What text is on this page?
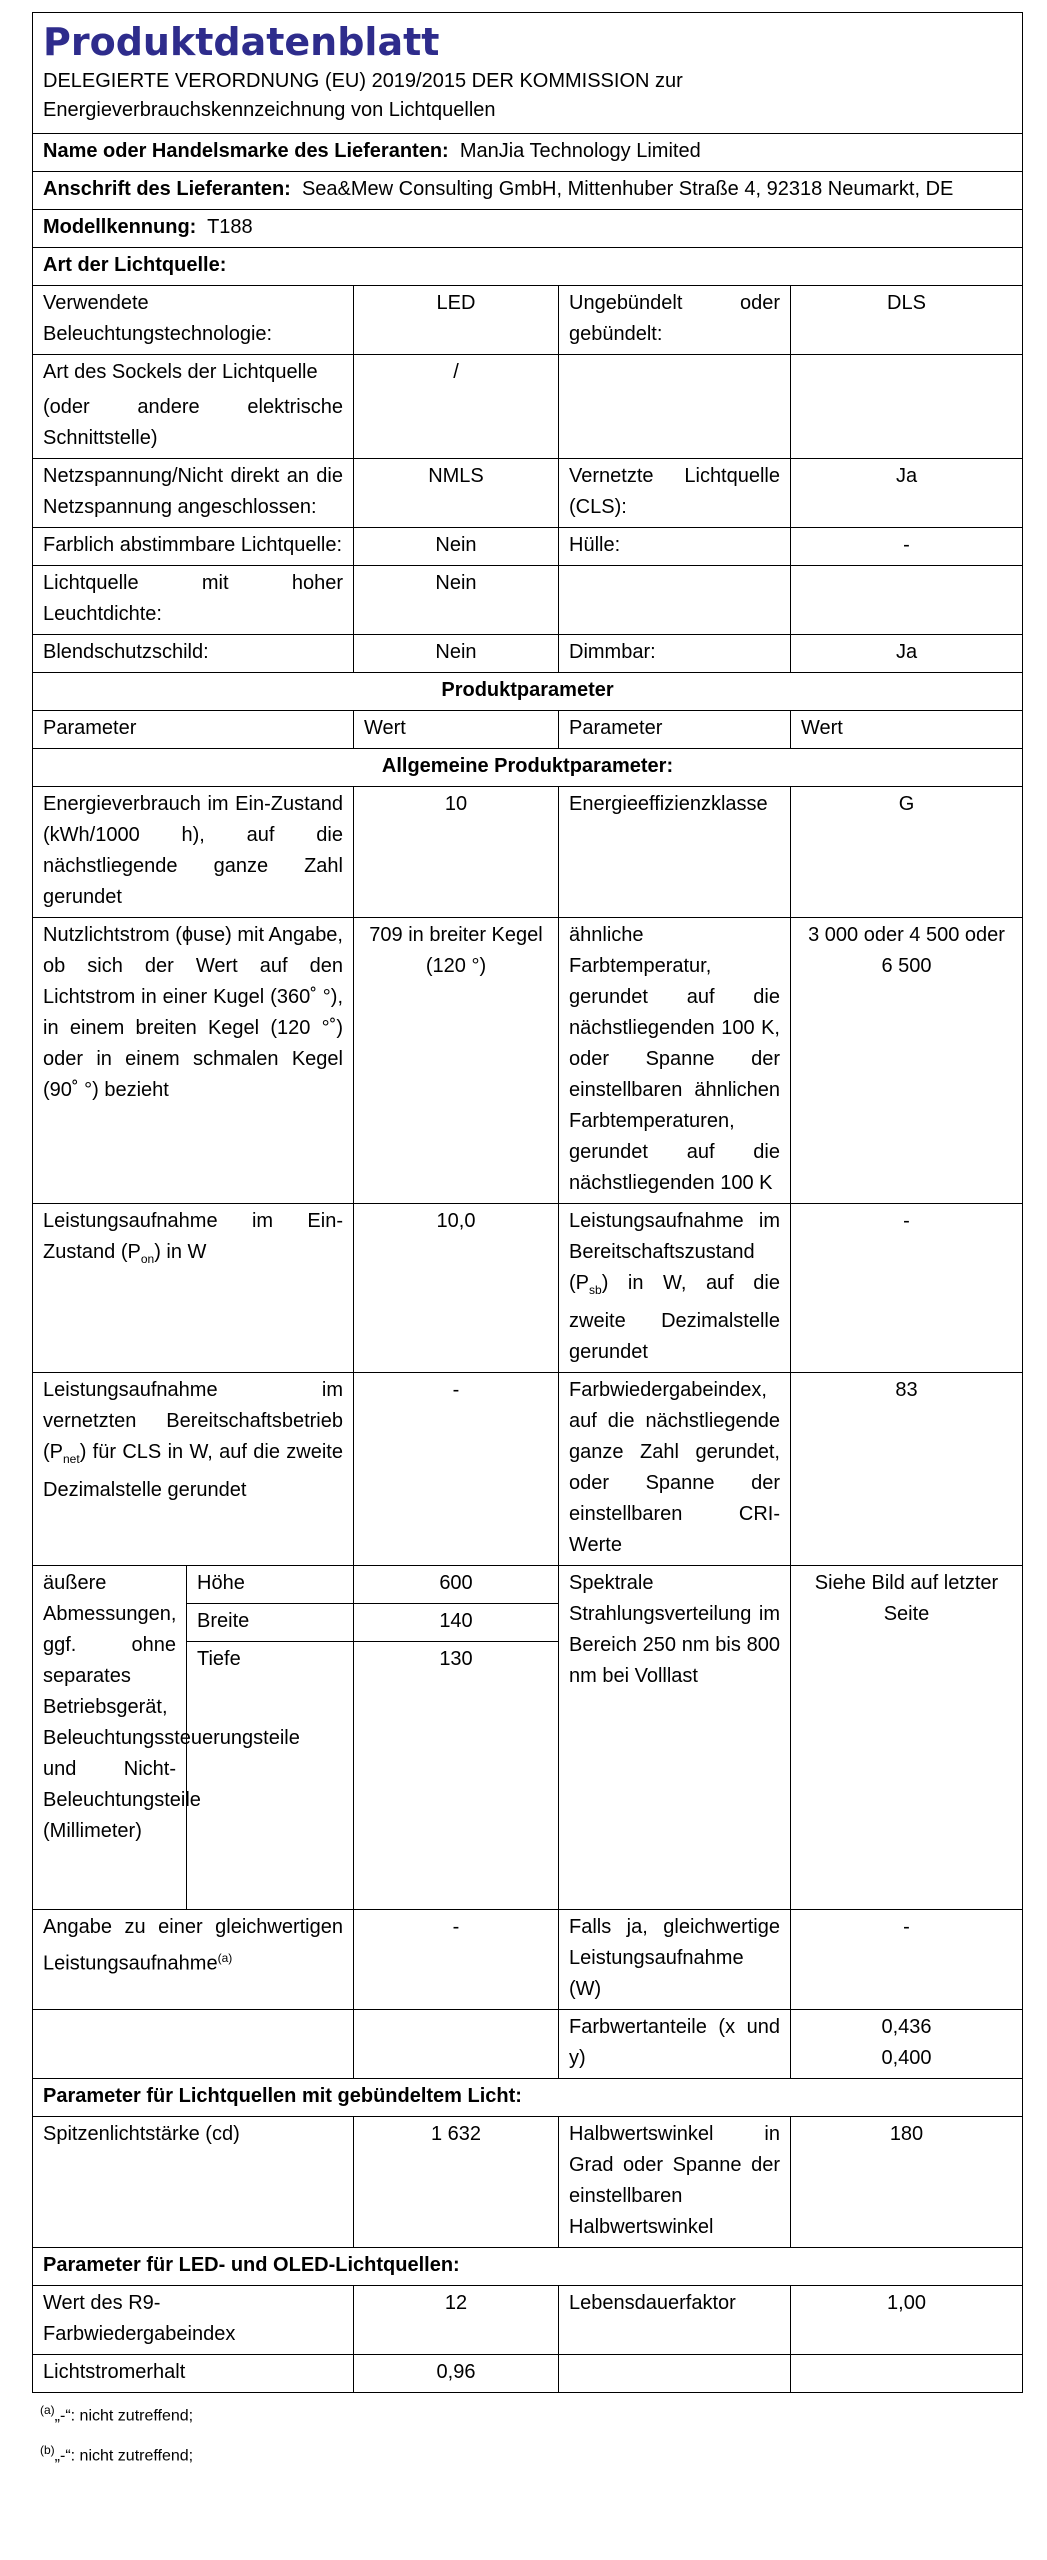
Produktdatenblatt
DELEGIERTE VERORDNUNG (EU) 2019/2015 DER KOMMISSION zur
Energieverbrauchskennzeichnung von Lichtquellen				

Name oder Handelsmarke des Lieferanten: ManJia Technology Limited				
Anschrift des Lieferanten: Sea&Mew Consulting GmbH, Mittenhuber Straße 4, 92318 Neumarkt, DE				
Modellkennung: T188				
Art der Lichtquelle:				
Verwendete Beleuchtungstechnologie:		LED	Ungebündelt oder gebündelt:	DLS

Art des Sockels der Lichtquelle
(oder andere elektrische Schnittstelle)		/		
Netzspannung/Nicht direkt an die Netzspannung angeschlossen:		NMLS	Vernetzte Lichtquelle (CLS):	Ja
Farblich abstimmbare Lichtquelle:		Nein	Hülle:	-
Lichtquelle mit hoher Leuchtdichte:		Nein		
Blendschutzschild:		Nein	Dimmbar:	Ja
Produktparameter				
Parameter		Wert	Parameter	Wert
Allgemeine Produktparameter:				
Energieverbrauch im Ein-Zustand (kWh/1000 h), auf die nächstliegende ganze Zahl gerundet		10	Energieeffizienzklasse	G
Nutzlichtstrom (ɸuse) mit Angabe, ob sich der Wert auf den Lichtstrom in einer Kugel (360˚ °), in einem breiten Kegel (120 °˚) oder in einem schmalen Kegel (90˚ °) bezieht		709 in breiter Kegel (120 °)	ähnliche Farbtemperatur, gerundet auf die nächstliegenden 100 K, oder Spanne der einstellbaren ähnlichen Farbtemperaturen, gerundet auf die nächstliegenden 100 K	3 000 oder 4 500 oder 6 500
Leistungsaufnahme im Ein-Zustand $(P_{on})$ in W		10,0	Leistungsaufnahme im Bereitschaftszustand $(P_{sb})$ in W, auf die zweite Dezimalstelle gerundet	-
Leistungsaufnahme im vernetzten Bereitschaftsbetrieb $(P_{net})$ für CLS in W, auf die zweite Dezimalstelle gerundet		-	Farbwiedergabeindex, auf die nächstliegende ganze Zahl gerundet, oder Spanne der einstellbaren CRI-Werte	83
äußere Abmessungen, ggf. ohne separates Betriebsgerät, Beleuchtungssteuerungsteile und Nicht-Beleuchtungsteile (Millimeter)	Höhe	600	Spektrale Strahlungsverteilung im Bereich 250 nm bis 800 nm bei Volllast	Siehe Bild auf letzter Seite
	Breite	140		
	Tiefe	130		

Angabe zu einer gleichwertigen Leistungsaufnahme$^{(a)}$		-	Falls ja, gleichwertige Leistungsaufnahme (W)	-
			Farbwertanteile (x und y)	0,436
0,400

Parameter für Lichtquellen mit gebündeltem Licht:				
Spitzenlichtstärke (cd)		1 632	Halbwertswinkel in Grad oder Spanne der einstellbaren Halbwertswinkel	180
Parameter für LED- und OLED-Lichtquellen:				
Wert des R9-Farbwiedergabeindex		12	Lebensdauerfaktor	1,00
Lichtstromerhalt		0,96		
$^{(a)}$„-“: nicht zutreffend;
$^{(b)}$„-“: nicht zutreffend;
